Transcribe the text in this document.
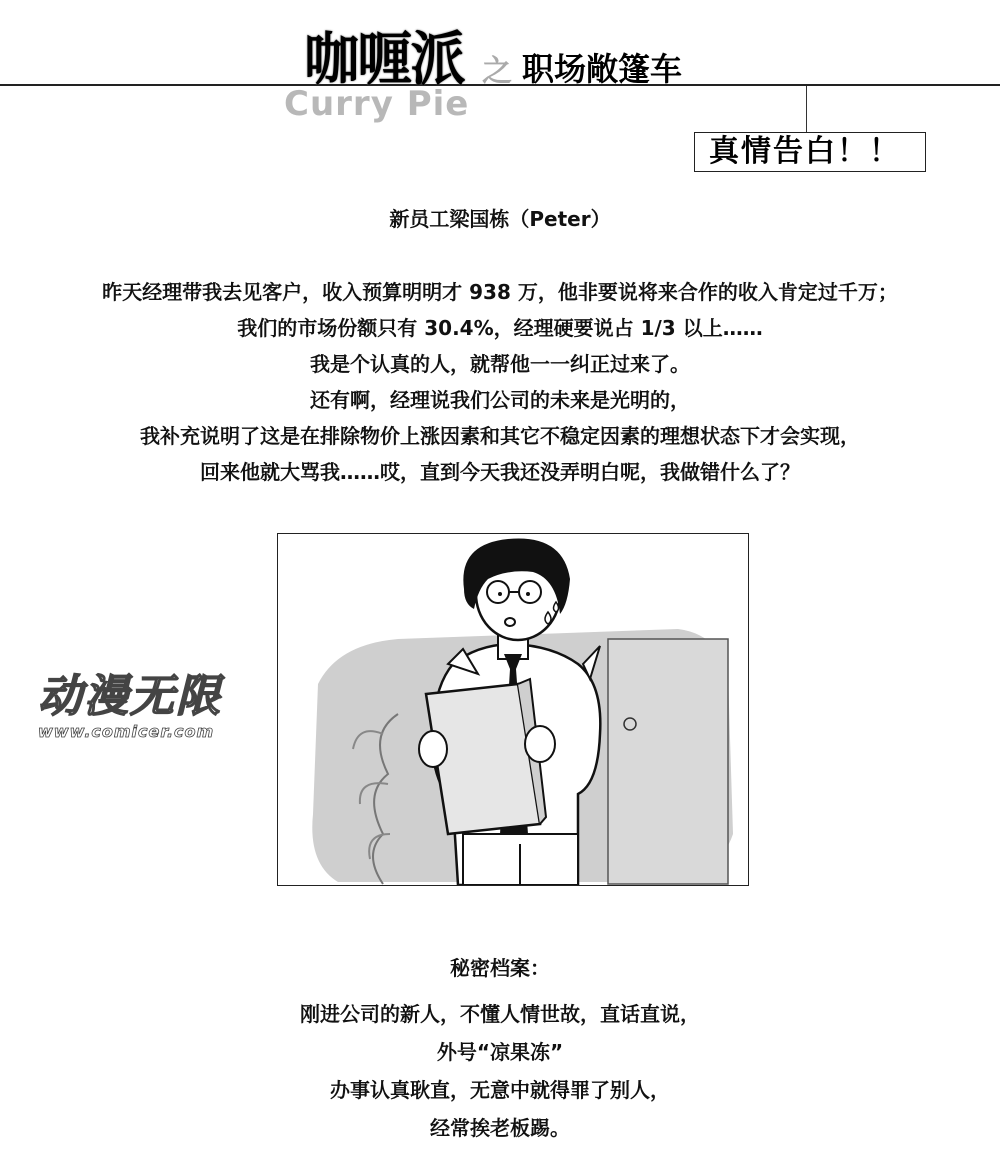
咖喱派 之 职场敞篷车
Curry Pie
真情告白！！
新员工梁国栋（Peter）
昨天经理带我去见客户，收入预算明明才 938 万，他非要说将来合作的收入肯定过千万；
我们的市场份额只有 30.4%，经理硬要说占 1/3 以上……
我是个认真的人，就帮他一一纠正过来了。
还有啊，经理说我们公司的未来是光明的，
我补充说明了这是在排除物价上涨因素和其它不稳定因素的理想状态下才会实现，
回来他就大骂我……哎，直到今天我还没弄明白呢，我做错什么了？
动漫无限
www.comicer.com
秘密档案：
刚进公司的新人，不懂人情世故，直话直说，
外号“凉果冻”
办事认真耿直，无意中就得罪了别人，
经常挨老板踢。
